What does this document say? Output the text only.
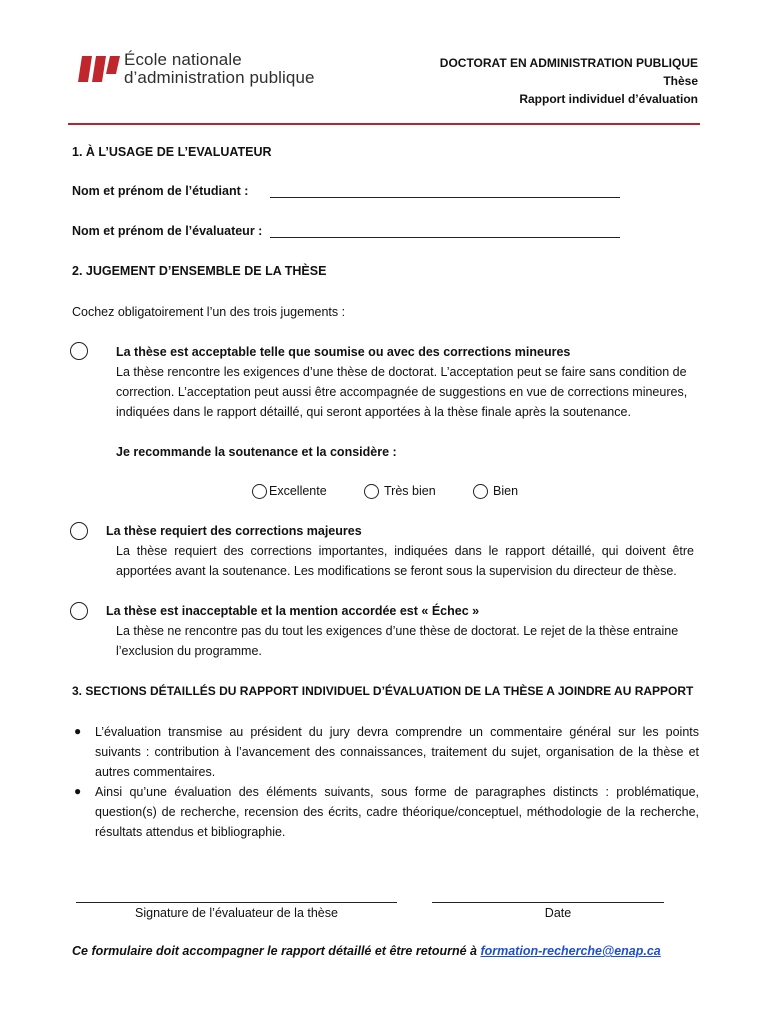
École nationale
d’administration publique
DOCTORAT EN ADMINISTRATION PUBLIQUE
Thèse
Rapport individuel d’évaluation
1. À L’USAGE DE L’EVALUATEUR
Nom et prénom de l’étudiant :
Nom et prénom de l’évaluateur :
2. JUGEMENT D’ENSEMBLE DE LA THÈSE
Cochez obligatoirement l’un des trois jugements :
La thèse est acceptable telle que soumise ou avec des corrections mineures
La thèse rencontre les exigences d’une thèse de doctorat. L’acceptation peut se faire sans condition de
correction. L’acceptation peut aussi être accompagnée de suggestions en vue de corrections mineures,
indiquées dans le rapport détaillé, qui seront apportées à la thèse finale après la soutenance.
Je recommande la soutenance et la considère :
Excellente	Très bien	Bien
La thèse requiert des corrections majeures
La thèse requiert des corrections importantes, indiquées dans le rapport détaillé, qui doivent être
apportées avant la soutenance. Les modifications se feront sous la supervision du directeur de thèse.
La thèse est inacceptable et la mention accordée est « Échec »
La thèse ne rencontre pas du tout les exigences d’une thèse de doctorat. Le rejet de la thèse entraine
l’exclusion du programme.
3. SECTIONS DÉTAILLÉS DU RAPPORT INDIVIDUEL D’ÉVALUATION DE LA THÈSE A JOINDRE AU RAPPORT
● L’évaluation transmise au président du jury devra comprendre un commentaire général sur les points
suivants : contribution à l’avancement des connaissances, traitement du sujet, organisation de la thèse et
autres commentaires.
● Ainsi qu’une évaluation des éléments suivants, sous forme de paragraphes distincts : problématique,
question(s) de recherche, recension des écrits, cadre théorique/conceptuel, méthodologie de la recherche,
résultats attendus et bibliographie.
Signature de l’évaluateur de la thèse	Date
Ce formulaire doit accompagner le rapport détaillé et être retourné à formation-recherche@enap.ca
